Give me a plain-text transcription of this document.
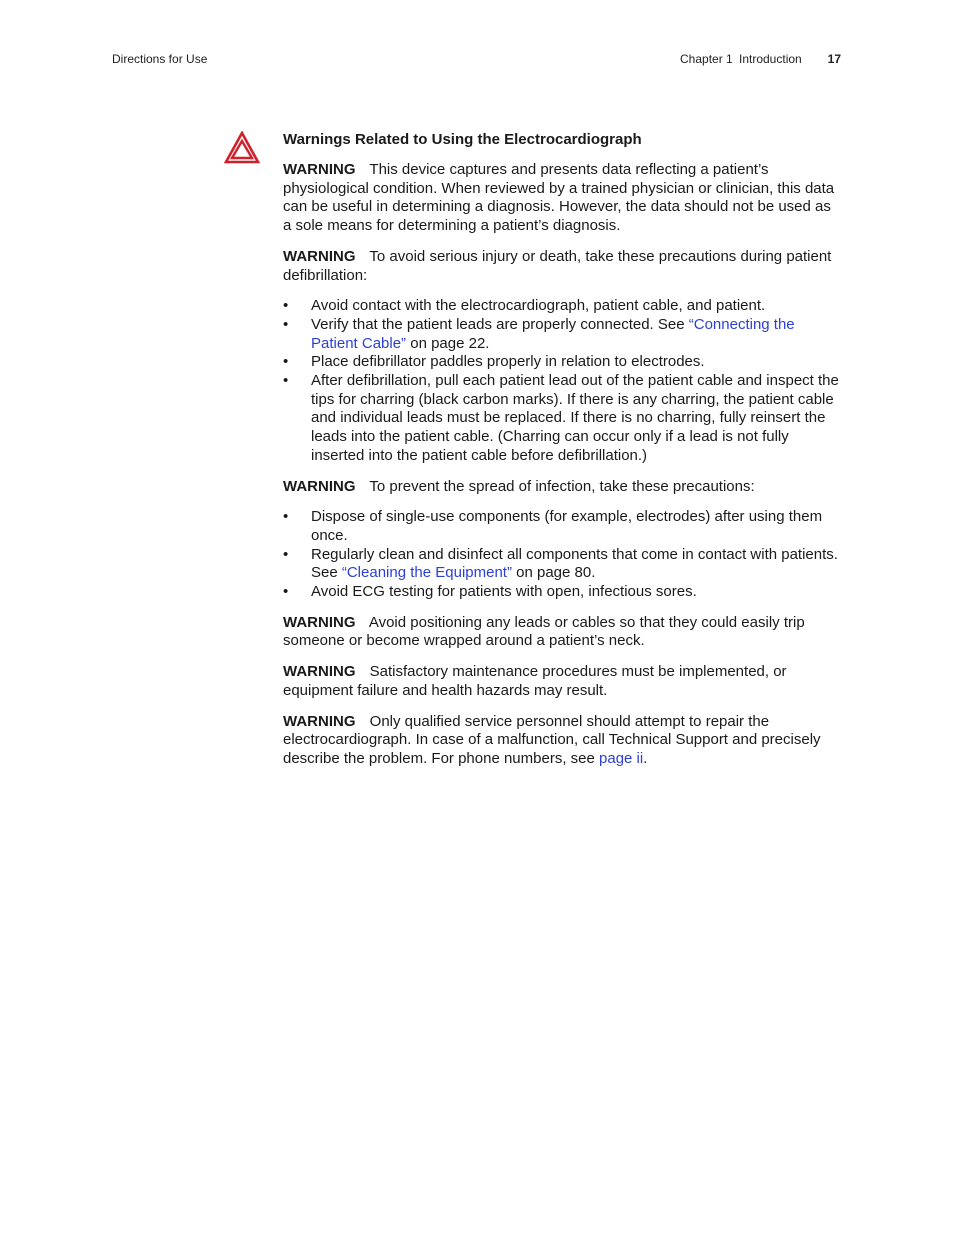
Directions for Use	Chapter 1 Introduction 17
Warnings Related to Using the Electrocardiograph

WARNING This device captures and presents data reflecting a patient’s physiological condition. When reviewed by a trained physician or clinician, this data can be useful in determining a diagnosis. However, the data should not be used as a sole means for determining a patient’s diagnosis.

WARNING To avoid serious injury or death, take these precautions during patient defibrillation:

• Avoid contact with the electrocardiograph, patient cable, and patient.
• Verify that the patient leads are properly connected. See “Connecting the Patient Cable” on page 22.
• Place defibrillator paddles properly in relation to electrodes.
• After defibrillation, pull each patient lead out of the patient cable and inspect the tips for charring (black carbon marks). If there is any charring, the patient cable and individual leads must be replaced. If there is no charring, fully reinsert the leads into the patient cable. (Charring can occur only if a lead is not fully inserted into the patient cable before defibrillation.)

WARNING To prevent the spread of infection, take these precautions:

• Dispose of single-use components (for example, electrodes) after using them once.
• Regularly clean and disinfect all components that come in contact with patients. See “Cleaning the Equipment” on page 80.
• Avoid ECG testing for patients with open, infectious sores.

WARNING Avoid positioning any leads or cables so that they could easily trip someone or become wrapped around a patient’s neck.

WARNING Satisfactory maintenance procedures must be implemented, or equipment failure and health hazards may result.

WARNING Only qualified service personnel should attempt to repair the electrocardiograph. In case of a malfunction, call Technical Support and precisely describe the problem. For phone numbers, see page ii.
